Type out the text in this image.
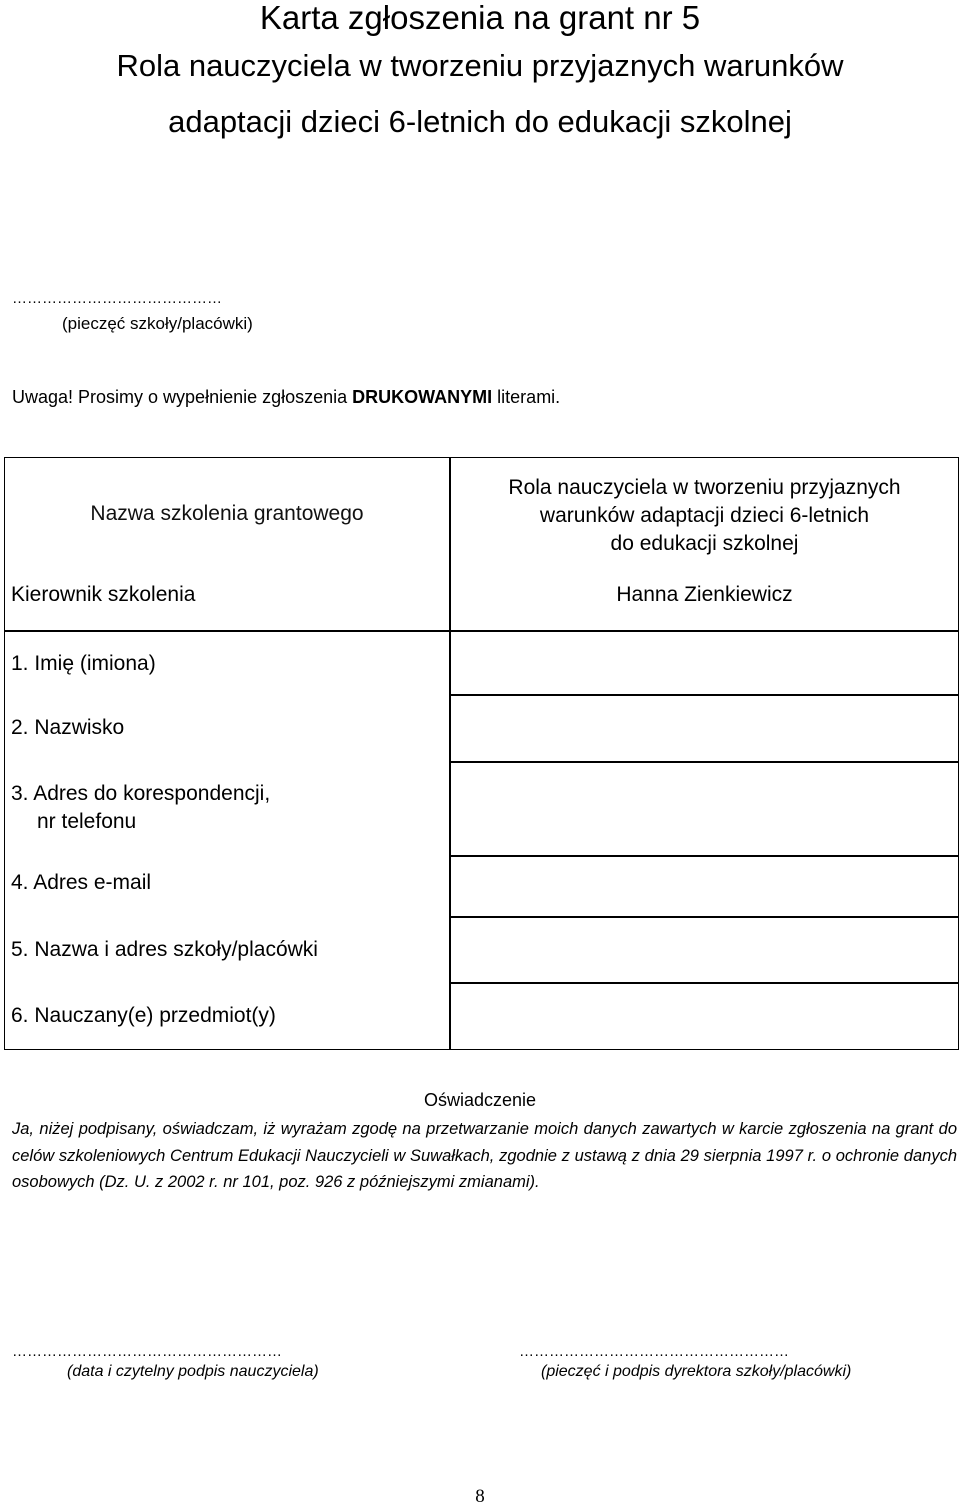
Karta zgłoszenia na grant nr 5
Rola nauczyciela w tworzeniu przyjaznych warunków
adaptacji dzieci 6-letnich do edukacji szkolnej
……………………………………
(pieczęć szkoły/placówki)
Uwaga! Prosimy o wypełnienie zgłoszenia DRUKOWANYMI literami.
Nazwa szkolenia grantowego
Rola nauczyciela w tworzeniu przyjaznych
warunków adaptacji dzieci 6-letnich
do edukacji szkolnej
Kierownik szkolenia	Hanna Zienkiewicz
1. Imię (imiona)
2. Nazwisko
3. Adres do korespondencji,
nr telefonu
4. Adres e-mail
5. Nazwa i adres szkoły/placówki
6. Nauczany(e) przedmiot(y)
Oświadczenie
Ja, niżej podpisany, oświadczam, iż wyrażam zgodę na przetwarzanie moich danych zawartych w karcie zgłoszenia na grant do celów szkoleniowych Centrum Edukacji Nauczycieli w Suwałkach, zgodnie z ustawą z dnia 29 sierpnia 1997 r. o ochronie danych osobowych (Dz. U. z 2002 r. nr 101, poz. 926 z późniejszymi zmianami).
………………………………………………
(data i czytelny podpis nauczyciela)
………………………………………………
(pieczęć i podpis dyrektora szkoły/placówki)
8
